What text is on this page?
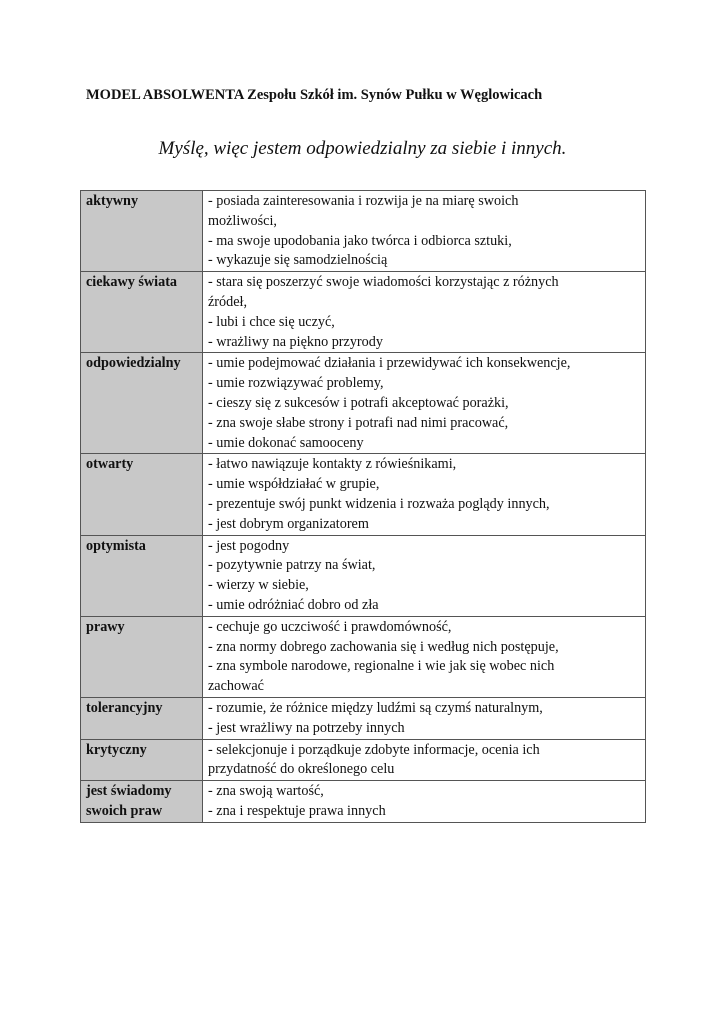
MODEL ABSOLWENTA Zespołu Szkół im. Synów Pułku w Węglowicach
Myślę, więc jestem odpowiedzialny za siebie i innych.
aktywny	- posiada zainteresowania i rozwija je na miarę swoich
możliwości,
- ma swoje upodobania jako twórca i odbiorca sztuki,
- wykazuje się samodzielnością

ciekawy świata	- stara się poszerzyć swoje wiadomości korzystając z różnych
źródeł,
- lubi i chce się uczyć,
- wrażliwy na piękno przyrody

odpowiedzialny	- umie podejmować działania i przewidywać ich konsekwencje,
- umie rozwiązywać problemy,
- cieszy się z sukcesów i potrafi akceptować porażki,
- zna swoje słabe strony i potrafi nad nimi pracować,
- umie dokonać samooceny

otwarty	- łatwo nawiązuje kontakty z rówieśnikami,
- umie współdziałać w grupie,
- prezentuje swój punkt widzenia i rozważa poglądy innych,
- jest dobrym organizatorem

optymista	- jest pogodny
- pozytywnie patrzy na świat,
- wierzy w siebie,
- umie odróżniać dobro od zła

prawy	- cechuje go uczciwość i prawdomówność,
- zna normy dobrego zachowania się i według nich postępuje,
- zna symbole narodowe, regionalne i wie jak się wobec nich
zachować

tolerancyjny	- rozumie, że różnice między ludźmi są czymś naturalnym,
- jest wrażliwy na potrzeby innych

krytyczny	- selekcjonuje i porządkuje zdobyte informacje, ocenia ich
przydatność do określonego celu

jest świadomy
swoich praw	- zna swoją wartość,
- zna i respektuje prawa innych
